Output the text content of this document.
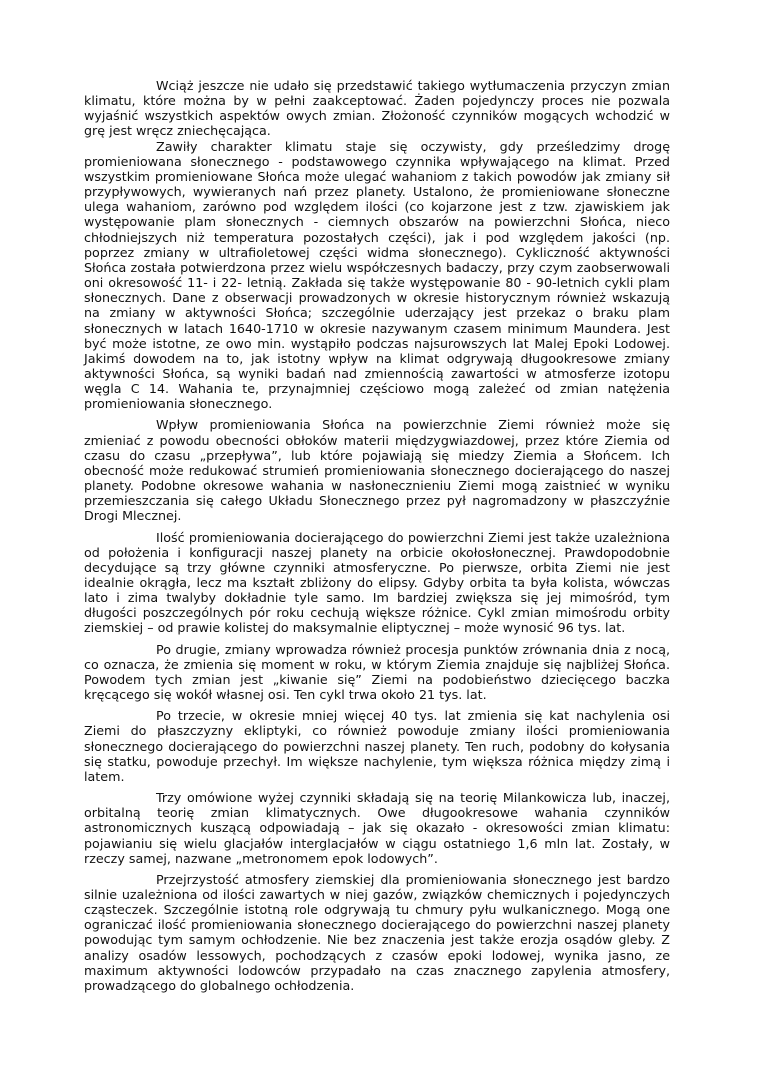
Wciąż jeszcze nie udało się przedstawić takiego wytłumaczenia przyczyn zmian klimatu, które można by w pełni zaakceptować. Żaden pojedynczy proces nie pozwala wyjaśnić wszystkich aspektów owych zmian. Złożoność czynników mogących wchodzić w grę jest wręcz zniechęcająca.

Zawiły charakter klimatu staje się oczywisty, gdy prześledzimy drogę promieniowana słonecznego - podstawowego czynnika wpływającego na klimat. Przed wszystkim promieniowane Słońca może ulegać wahaniom z takich powodów jak zmiany sił przypływowych, wywieranych nań przez planety. Ustalono, że promieniowane słoneczne ulega wahaniom, zarówno pod względem ilości (co kojarzone jest z tzw. zjawiskiem jak występowanie plam słonecznych - ciemnych obszarów na powierzchni Słońca, nieco chłodniejszych niż temperatura pozostałych części), jak i pod względem jakości (np. poprzez zmiany w ultrafioletowej części widma słonecznego). Cykliczność aktywności Słońca została potwierdzona przez wielu współczesnych badaczy, przy czym zaobserwowali oni okresowość 11- i 22- letnią. Zakłada się także występowanie 80 - 90-letnich cykli plam słonecznych. Dane z obserwacji prowadzonych w okresie historycznym również wskazują na zmiany w aktywności Słońca; szczególnie uderzający jest przekaz o braku plam słonecznych w latach 1640-1710 w okresie nazywanym czasem minimum Maundera. Jest być może istotne, ze owo min. wystąpiło podczas najsurowszych lat Malej Epoki Lodowej. Jakimś dowodem na to, jak istotny wpływ na klimat odgrywają długookresowe zmiany aktywności Słońca, są wyniki badań nad zmiennością zawartości w atmosferze izotopu węgla C 14. Wahania te, przynajmniej częściowo mogą zależeć od zmian natężenia promieniowania słonecznego.

Wpływ promieniowania Słońca na powierzchnie Ziemi również może się zmieniać z powodu obecności obłoków materii międzygwiazdowej, przez które Ziemia od czasu do czasu „przepływa”, lub które pojawiają się miedzy Ziemia a Słońcem. Ich obecność może redukować strumień promieniowania słonecznego docierającego do naszej planety. Podobne okresowe wahania w nasłonecznieniu Ziemi mogą zaistnieć w wyniku przemieszczania się całego Układu Słonecznego przez pył nagromadzony w płaszczyźnie Drogi Mlecznej.

Ilość promieniowania docierającego do powierzchni Ziemi jest także uzależniona od położenia i konfiguracji naszej planety na orbicie okołosłonecznej. Prawdopodobnie decydujące są trzy główne czynniki atmosferyczne. Po pierwsze, orbita Ziemi nie jest idealnie okrągła, lecz ma kształt zbliżony do elipsy. Gdyby orbita ta była kolista, wówczas lato i zima twalyby dokładnie tyle samo. Im bardziej zwiększa się jej mimośród, tym długości poszczególnych pór roku cechują większe różnice. Cykl zmian mimośrodu orbity ziemskiej – od prawie kolistej do maksymalnie eliptycznej – może wynosić 96 tys. lat.

Po drugie, zmiany wprowadza również procesja punktów zrównania dnia z nocą, co oznacza, że zmienia się moment w roku, w którym Ziemia znajduje się najbliżej Słońca. Powodem tych zmian jest „kiwanie się” Ziemi na podobieństwo dziecięcego baczka kręcącego się wokół własnej osi. Ten cykl trwa około 21 tys. lat.

Po trzecie, w okresie mniej więcej 40 tys. lat zmienia się kat nachylenia osi Ziemi do płaszczyzny ekliptyki, co również powoduje zmiany ilości promieniowania słonecznego docierającego do powierzchni naszej planety. Ten ruch, podobny do kołysania się statku, powoduje przechył. Im większe nachylenie, tym większa różnica między zimą i latem.

Trzy omówione wyżej czynniki składają się na teorię Milankowicza lub, inaczej, orbitalną teorię zmian klimatycznych. Owe długookresowe wahania czynników astronomicznych kuszącą odpowiadają – jak się okazało - okresowości zmian klimatu: pojawianiu się wielu glacjałów interglacjałów w ciągu ostatniego 1,6 mln lat. Zostały, w rzeczy samej, nazwane „metronomem epok lodowych”.

Przejrzystość atmosfery ziemskiej dla promieniowania słonecznego jest bardzo silnie uzależniona od ilości zawartych w niej gazów, związków chemicznych i pojedynczych cząsteczek. Szczególnie istotną role odgrywają tu chmury pyłu wulkanicznego. Mogą one ograniczać ilość promieniowania słonecznego docierającego do powierzchni naszej planety powodując tym samym ochłodzenie. Nie bez znaczenia jest także erozja osądów gleby. Z analizy osadów lessowych, pochodzących z czasów epoki lodowej, wynika jasno, ze maximum aktywności lodowców przypadało na czas znacznego zapylenia atmosfery, prowadzącego do globalnego ochłodzenia.
